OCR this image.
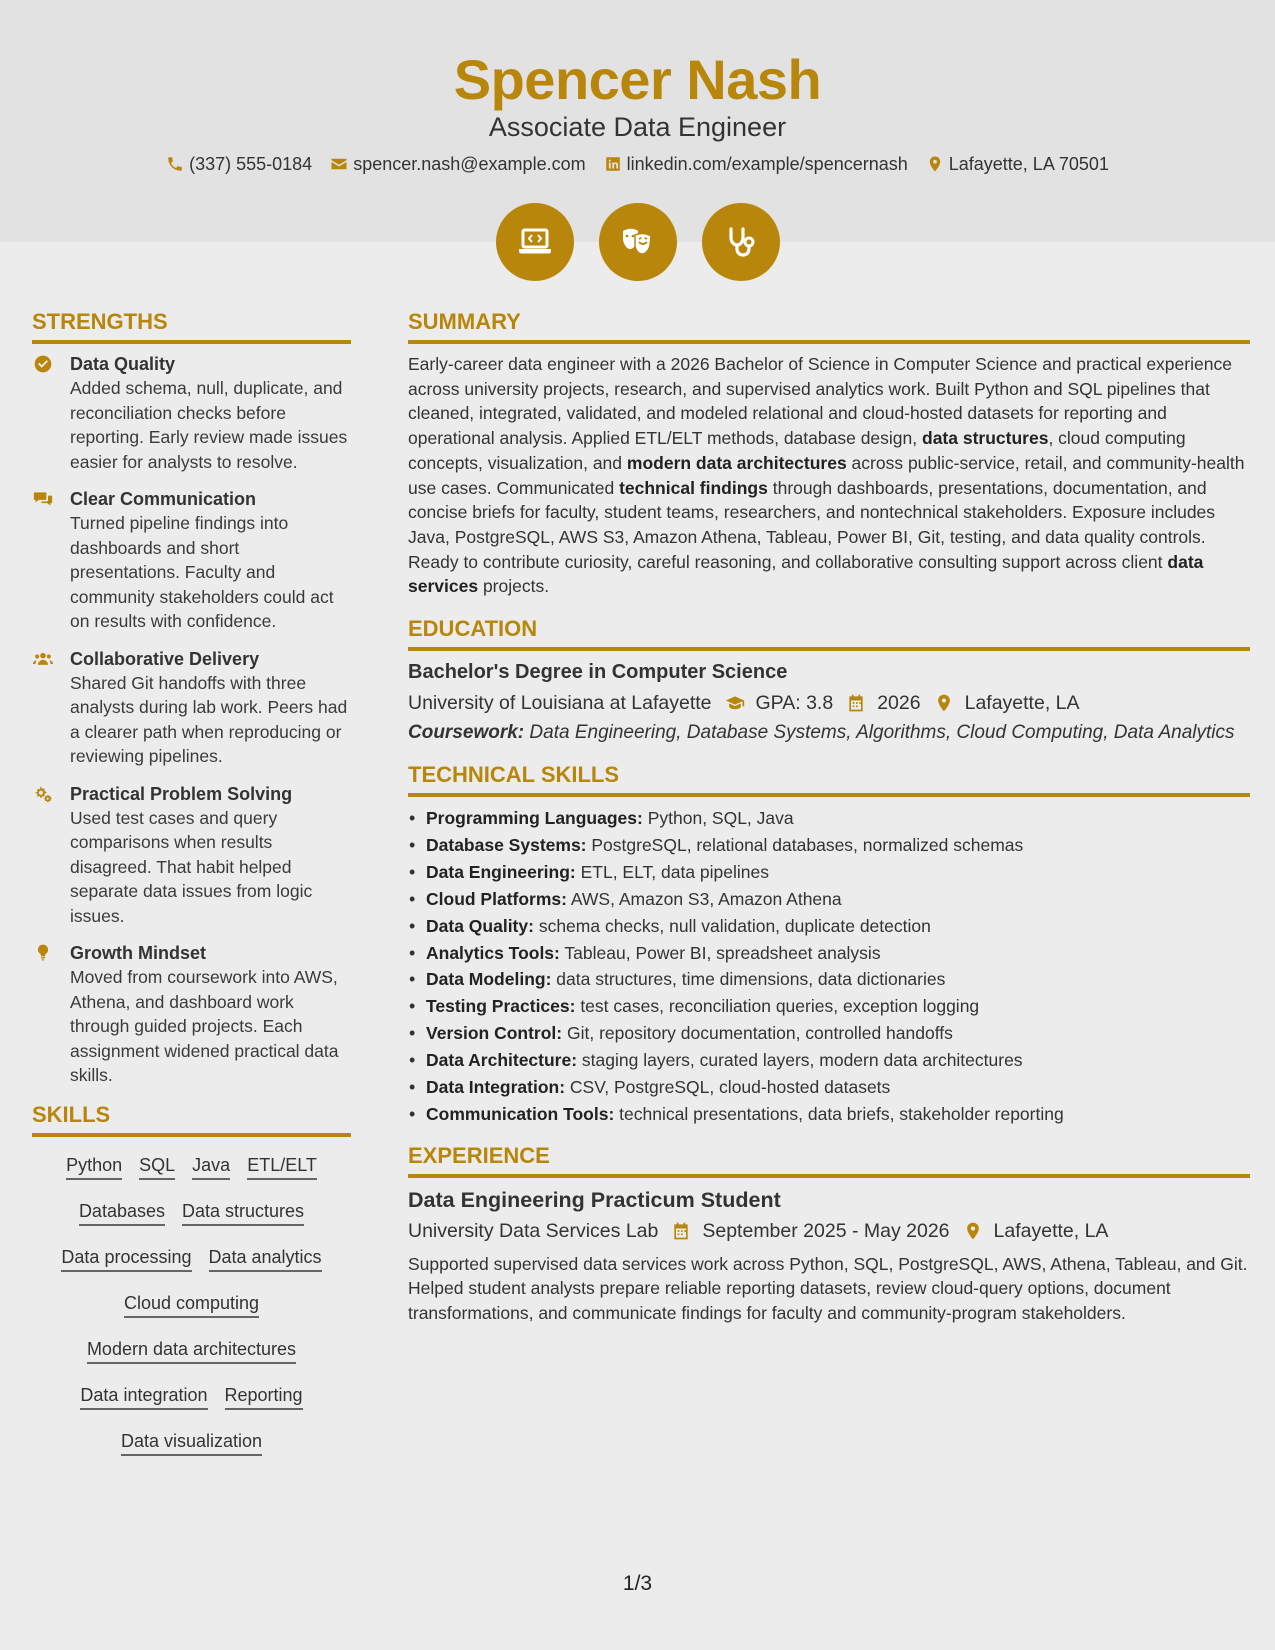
Spencer Nash
Associate Data Engineer
(337) 555-0184 spencer.nash@example.com linkedin.com/example/spencernash Lafayette, LA 70501
STRENGTHS
Data Quality
Added schema, null, duplicate, and reconciliation checks before reporting. Early review made issues easier for analysts to resolve.
Clear Communication
Turned pipeline findings into dashboards and short presentations. Faculty and community stakeholders could act on results with confidence.
Collaborative Delivery
Shared Git handoffs with three analysts during lab work. Peers had a clearer path when reproducing or reviewing pipelines.
Practical Problem Solving
Used test cases and query comparisons when results disagreed. That habit helped separate data issues from logic issues.
Growth Mindset
Moved from coursework into AWS, Athena, and dashboard work through guided projects. Each assignment widened practical data skills.
SKILLS
Python SQL Java ETL/ELT
Databases Data structures
Data processing Data analytics
Cloud computing
Modern data architectures
Data integration Reporting
Data visualization
SUMMARY

Early-career data engineer with a 2026 Bachelor of Science in Computer Science and practical experience across university projects, research, and supervised analytics work. Built Python and SQL pipelines that cleaned, integrated, validated, and modeled relational and cloud-hosted datasets for reporting and operational analysis. Applied ETL/ELT methods, database design, data structures, cloud computing concepts, visualization, and modern data architectures across public-service, retail, and community-health use cases. Communicated technical findings through dashboards, presentations, documentation, and concise briefs for faculty, student teams, researchers, and nontechnical stakeholders. Exposure includes Java, PostgreSQL, AWS S3, Amazon Athena, Tableau, Power BI, Git, testing, and data quality controls. Ready to contribute curiosity, careful reasoning, and collaborative consulting support across client data services projects.

EDUCATION
Bachelor's Degree in Computer Science
University of Louisiana at Lafayette GPA: 3.8 2026 Lafayette, LA
Coursework: Data Engineering, Database Systems, Algorithms, Cloud Computing, Data Analytics
TECHNICAL SKILLS
• Programming Languages: Python, SQL, Java
• Database Systems: PostgreSQL, relational databases, normalized schemas
• Data Engineering: ETL, ELT, data pipelines
• Cloud Platforms: AWS, Amazon S3, Amazon Athena
• Data Quality: schema checks, null validation, duplicate detection
• Analytics Tools: Tableau, Power BI, spreadsheet analysis
• Data Modeling: data structures, time dimensions, data dictionaries
• Testing Practices: test cases, reconciliation queries, exception logging
• Version Control: Git, repository documentation, controlled handoffs
• Data Architecture: staging layers, curated layers, modern data architectures
• Data Integration: CSV, PostgreSQL, cloud-hosted datasets
• Communication Tools: technical presentations, data briefs, stakeholder reporting
EXPERIENCE
Data Engineering Practicum Student
University Data Services Lab September 2025 - May 2026 Lafayette, LA

Supported supervised data services work across Python, SQL, PostgreSQL, AWS, Athena, Tableau, and Git. Helped student analysts prepare reliable reporting datasets, review cloud-query options, document transformations, and communicate findings for faculty and community-program stakeholders.

1/3
